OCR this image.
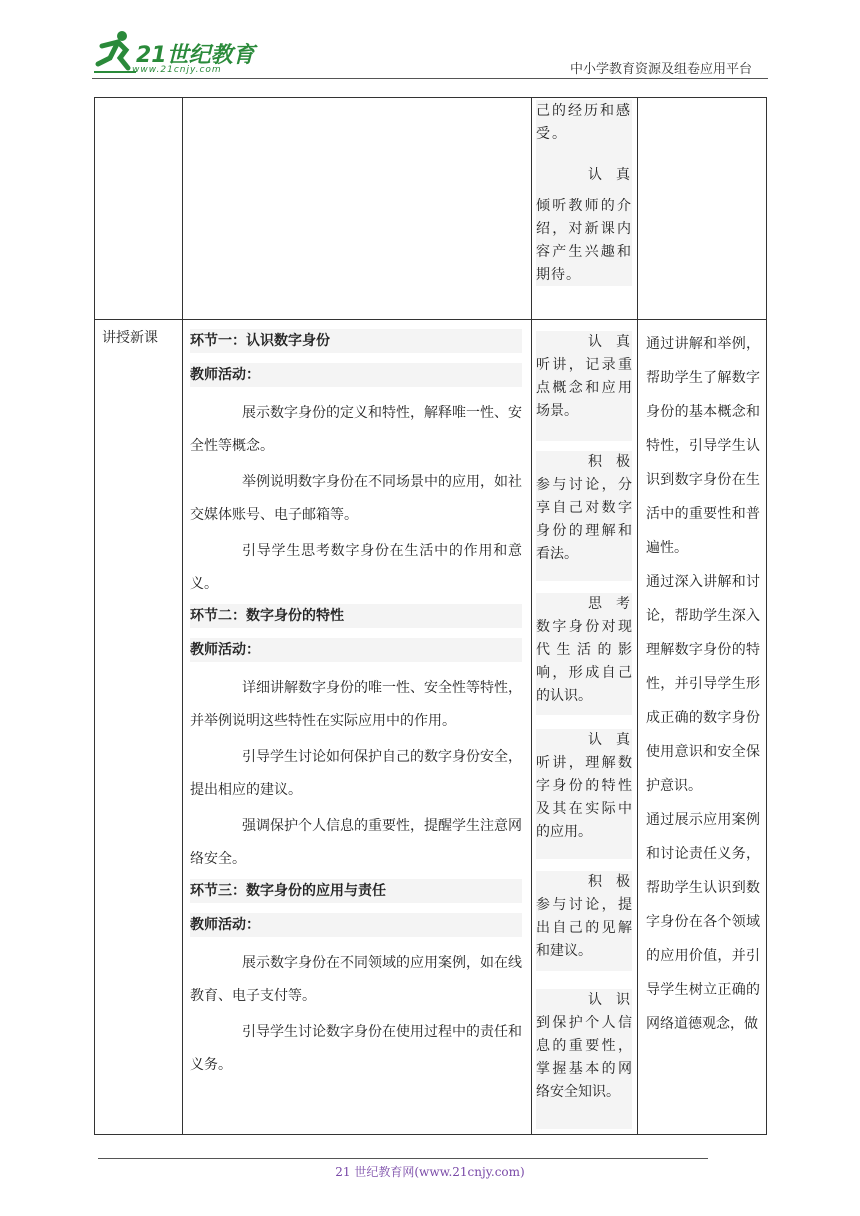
21世纪教育
www.21cnjy.com	中小学教育资源及组卷应用平台

己的经历和感受。

认真

倾听教师的介绍，对新课内容产生兴趣和期待。

讲授新课 环节一：认识数字身份

教师活动：

展示数字身份的定义和特性，解释唯一性、安全性等概念。

举例说明数字身份在不同场景中的应用，如社交媒体账号、电子邮箱等。

引导学生思考数字身份在生活中的作用和意义。

环节二：数字身份的特性

教师活动：

详细讲解数字身份的唯一性、安全性等特性，并举例说明这些特性在实际应用中的作用。

引导学生讨论如何保护自己的数字身份安全，提出相应的建议。

强调保护个人信息的重要性，提醒学生注意网络安全。

环节三：数字身份的应用与责任

教师活动：

展示数字身份在不同领域的应用案例，如在线教育、电子支付等。

引导学生讨论数字身份在使用过程中的责任和义务。

认真

听讲，记录重点概念和应用场景。

积极

参与讨论，分享自己对数字身份的理解和看法。

思考

数字身份对现代生活的影响，形成自己的认识。

认真

听讲，理解数字身份的特性及其在实际中的应用。

积极

参与讨论，提出自己的见解和建议。

认识

到保护个人信息的重要性，掌握基本的网络安全知识。

通过讲解和举例，帮助学生了解数字身份的基本概念和特性，引导学生认识到数字身份在生活中的重要性和普遍性。

通过深入讲解和讨论，帮助学生深入理解数字身份的特性，并引导学生形成正确的数字身份使用意识和安全保护意识。

通过展示应用案例和讨论责任义务，帮助学生认识到数字身份在各个领域的应用价值，并引导学生树立正确的网络道德观念，做

21 世纪教育网(www.21cnjy.com)
